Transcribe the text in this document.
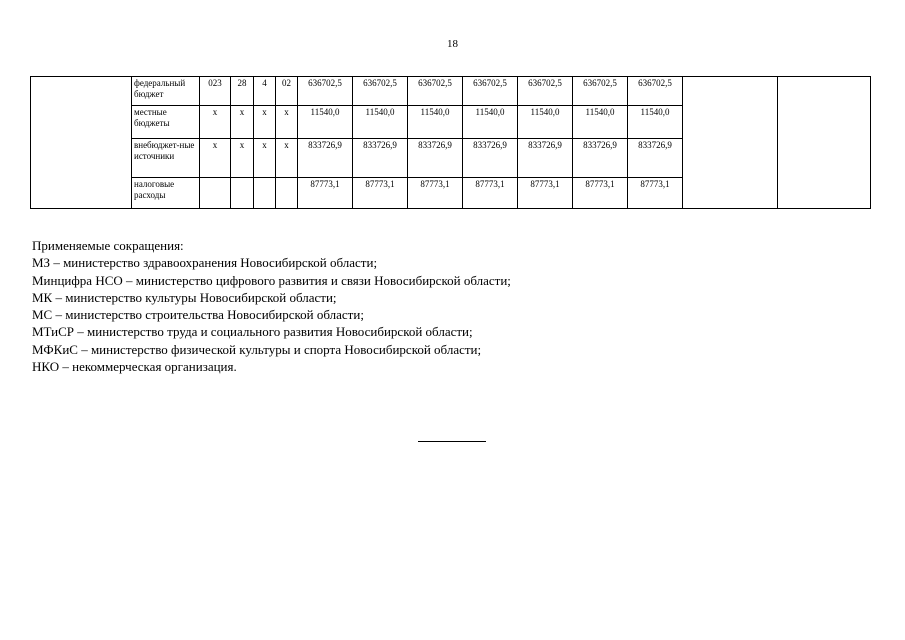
18
	федеральный бюджет	023	28	4	02	636702,5	636702,5	636702,5	636702,5	636702,5	636702,5	636702,5		
	местные бюджеты	x	x	x	x	11540,0	11540,0	11540,0	11540,0	11540,0	11540,0	11540,0		
	внебюджет-ные источники	x	x	x	x	833726,9	833726,9	833726,9	833726,9	833726,9	833726,9	833726,9		
	налоговые расходы					87773,1	87773,1	87773,1	87773,1	87773,1	87773,1	87773,1		
Применяемые сокращения:
МЗ – министерство здравоохранения Новосибирской области;
Минцифра НСО – министерство цифрового развития и связи Новосибирской области;
МК – министерство культуры Новосибирской области;
МС – министерство строительства Новосибирской области;
МТиСР – министерство труда и социального развития Новосибирской области;
МФКиС – министерство физической культуры и спорта Новосибирской области;
НКО – некоммерческая организация.
